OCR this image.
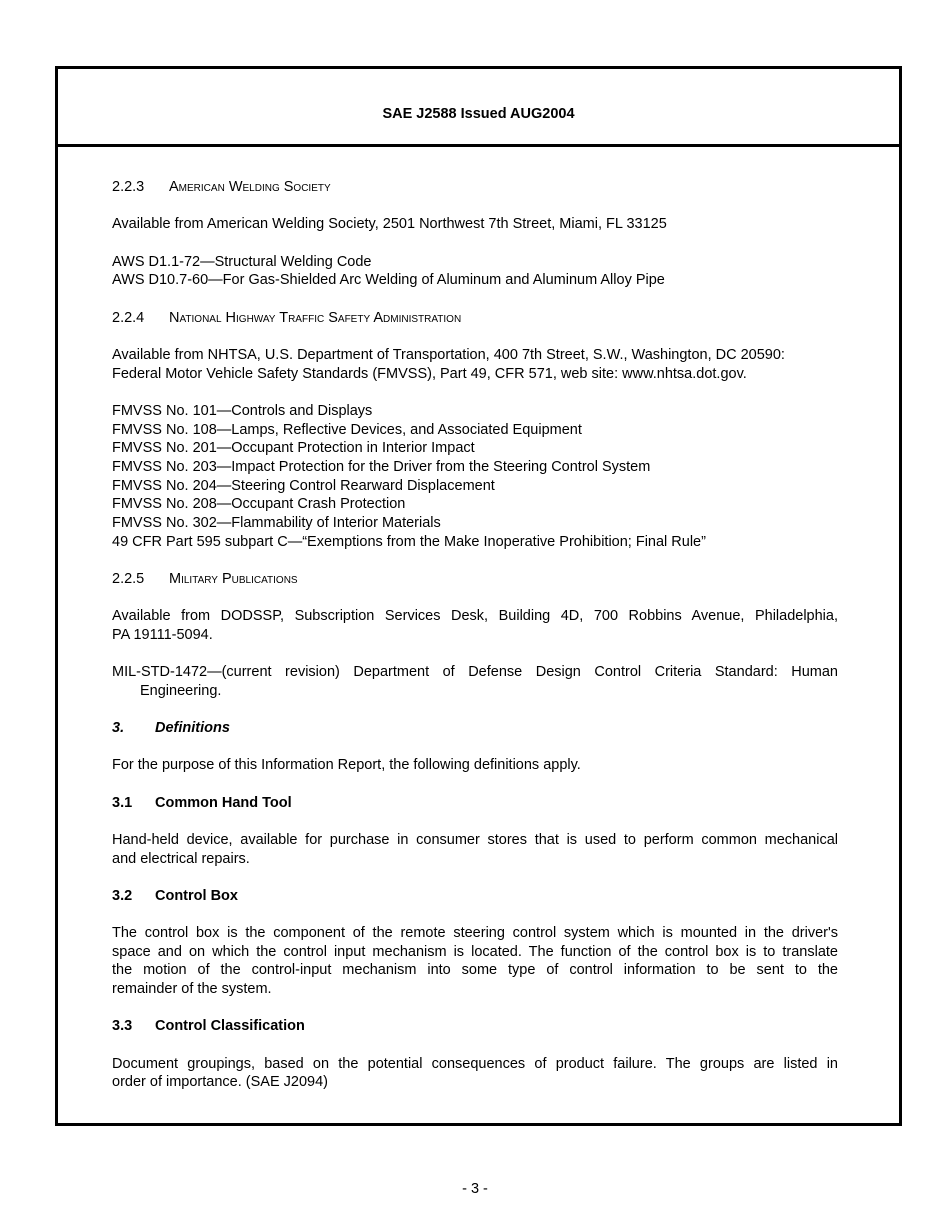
SAE J2588 Issued AUG2004
2.2.3 American Welding Society
Available from American Welding Society, 2501 Northwest 7th Street, Miami, FL 33125
AWS D1.1-72—Structural Welding Code
AWS D10.7-60—For Gas-Shielded Arc Welding of Aluminum and Aluminum Alloy Pipe
2.2.4 National Highway Traffic Safety Administration
Available from NHTSA, U.S. Department of Transportation, 400 7th Street, S.W., Washington, DC 20590:
Federal Motor Vehicle Safety Standards (FMVSS), Part 49, CFR 571, web site: www.nhtsa.dot.gov.
FMVSS No. 101—Controls and Displays
FMVSS No. 108—Lamps, Reflective Devices, and Associated Equipment
FMVSS No. 201—Occupant Protection in Interior Impact
FMVSS No. 203—Impact Protection for the Driver from the Steering Control System
FMVSS No. 204—Steering Control Rearward Displacement
FMVSS No. 208—Occupant Crash Protection
FMVSS No. 302—Flammability of Interior Materials
49 CFR Part 595 subpart C—“Exemptions from the Make Inoperative Prohibition; Final Rule”
2.2.5 Military Publications
Available from DODSSP, Subscription Services Desk, Building 4D, 700 Robbins Avenue, Philadelphia,
PA 19111-5094.
MIL-STD-1472—(current revision) Department of Defense Design Control Criteria Standard: Human
Engineering.
3. Definitions
For the purpose of this Information Report, the following definitions apply.
3.1 Common Hand Tool
Hand-held device, available for purchase in consumer stores that is used to perform common mechanical
and electrical repairs.
3.2 Control Box
The control box is the component of the remote steering control system which is mounted in the driver's
space and on which the control input mechanism is located. The function of the control box is to translate
the motion of the control-input mechanism into some type of control information to be sent to the
remainder of the system.
3.3 Control Classification
Document groupings, based on the potential consequences of product failure. The groups are listed in
order of importance. (SAE J2094)
- 3 -
